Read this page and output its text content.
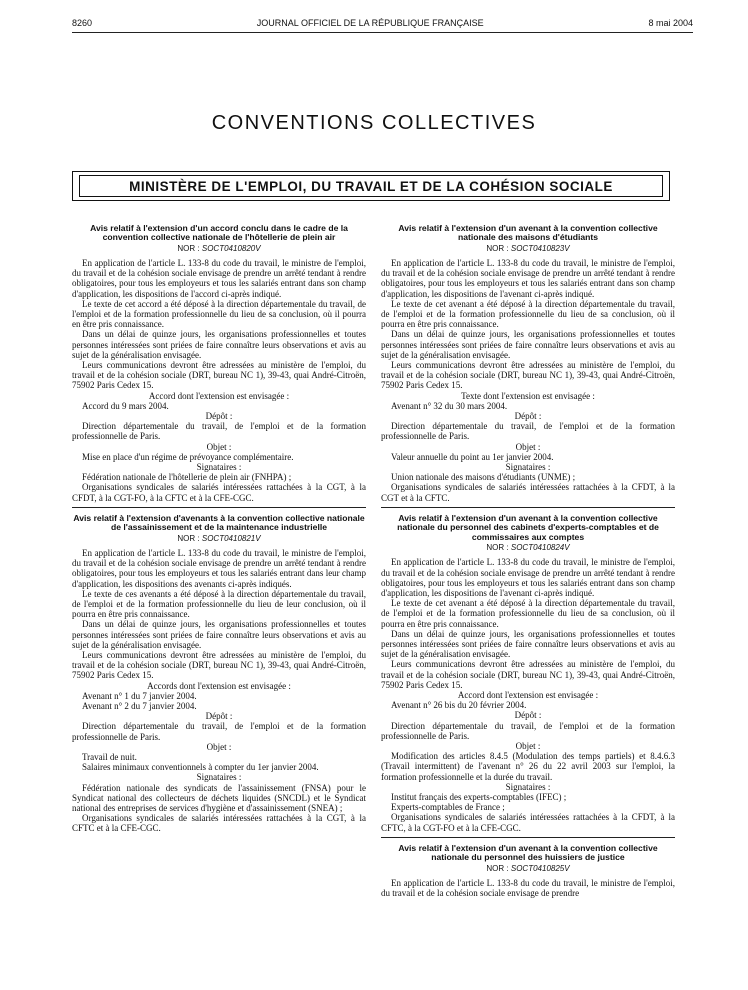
8260	JOURNAL OFFICIEL DE LA RÉPUBLIQUE FRANÇAISE	8 mai 2004
CONVENTIONS COLLECTIVES
MINISTÈRE DE L'EMPLOI, DU TRAVAIL ET DE LA COHÉSION SOCIALE
Avis relatif à l'extension d'un accord conclu dans le cadre de la convention collective nationale de l'hôtellerie de plein air
NOR : SOCT0410820V

En application de l'article L. 133-8 du code du travail, le ministre de l'emploi, du travail et de la cohésion sociale envisage de prendre un arrêté tendant à rendre obligatoires, pour tous les employeurs et tous les salariés entrant dans son champ d'application, les dispositions de l'accord ci-après indiqué.

Le texte de cet accord a été déposé à la direction départementale du travail, de l'emploi et de la formation professionnelle du lieu de sa conclusion, où il pourra en être pris connaissance.

Dans un délai de quinze jours, les organisations professionnelles et toutes personnes intéressées sont priées de faire connaître leurs observations et avis au sujet de la généralisation envisagée.

Leurs communications devront être adressées au ministère de l'emploi, du travail et de la cohésion sociale (DRT, bureau NC 1), 39-43, quai André-Citroën, 75902 Paris Cedex 15.

Accord dont l'extension est envisagée :

Accord du 9 mars 2004.

Dépôt :

Direction départementale du travail, de l'emploi et de la formation professionnelle de Paris.

Objet :

Mise en place d'un régime de prévoyance complémentaire.

Signataires :

Fédération nationale de l'hôtellerie de plein air (FNHPA) ;

Organisations syndicales de salariés intéressées rattachées à la CGT, à la CFDT, à la CGT-FO, à la CFTC et à la CFE-CGC.

Avis relatif à l'extension d'avenants à la convention collective nationale de l'assainissement et de la maintenance industrielle
NOR : SOCT0410821V

En application de l'article L. 133-8 du code du travail, le ministre de l'emploi, du travail et de la cohésion sociale envisage de prendre un arrêté tendant à rendre obligatoires, pour tous les employeurs et tous les salariés entrant dans leur champ d'application, les dispositions des avenants ci-après indiqués.

Le texte de ces avenants a été déposé à la direction départementale du travail, de l'emploi et de la formation professionnelle du lieu de leur conclusion, où il pourra en être pris connaissance.

Dans un délai de quinze jours, les organisations professionnelles et toutes personnes intéressées sont priées de faire connaître leurs observations et avis au sujet de la généralisation envisagée.

Leurs communications devront être adressées au ministère de l'emploi, du travail et de la cohésion sociale (DRT, bureau NC 1), 39-43, quai André-Citroën, 75902 Paris Cedex 15.

Accords dont l'extension est envisagée :

Avenant n° 1 du 7 janvier 2004.

Avenant n° 2 du 7 janvier 2004.

Dépôt :

Direction départementale du travail, de l'emploi et de la formation professionnelle de Paris.

Objet :

Travail de nuit.

Salaires minimaux conventionnels à compter du 1er janvier 2004.

Signataires :

Fédération nationale des syndicats de l'assainissement (FNSA) pour le Syndicat national des collecteurs de déchets liquides (SNCDL) et le Syndicat national des entreprises de services d'hygiène et d'assainissement (SNEA) ;

Organisations syndicales de salariés intéressées rattachées à la CGT, à la CFTC et à la CFE-CGC.

Avis relatif à l'extension d'un avenant à la convention collective nationale des maisons d'étudiants
NOR : SOCT0410823V

En application de l'article L. 133-8 du code du travail, le ministre de l'emploi, du travail et de la cohésion sociale envisage de prendre un arrêté tendant à rendre obligatoires, pour tous les employeurs et tous les salariés entrant dans son champ d'application, les dispositions de l'avenant ci-après indiqué.

Le texte de cet avenant a été déposé à la direction départementale du travail, de l'emploi et de la formation professionnelle du lieu de sa conclusion, où il pourra en être pris connaissance.

Dans un délai de quinze jours, les organisations professionnelles et toutes personnes intéressées sont priées de faire connaître leurs observations et avis au sujet de la généralisation envisagée.

Leurs communications devront être adressées au ministère de l'emploi, du travail et de la cohésion sociale (DRT, bureau NC 1), 39-43, quai André-Citroën, 75902 Paris Cedex 15.

Texte dont l'extension est envisagée :

Avenant n° 32 du 30 mars 2004.

Dépôt :

Direction départementale du travail, de l'emploi et de la formation professionnelle de Paris.

Objet :

Valeur annuelle du point au 1er janvier 2004.

Signataires :

Union nationale des maisons d'étudiants (UNME) ;

Organisations syndicales de salariés intéressées rattachées à la CFDT, à la CGT et à la CFTC.

Avis relatif à l'extension d'un avenant à la convention collective nationale du personnel des cabinets d'experts-comptables et de commissaires aux comptes
NOR : SOCT0410824V

En application de l'article L. 133-8 du code du travail, le ministre de l'emploi, du travail et de la cohésion sociale envisage de prendre un arrêté tendant à rendre obligatoires, pour tous les employeurs et tous les salariés entrant dans son champ d'application, les dispositions de l'avenant ci-après indiqué.

Le texte de cet avenant a été déposé à la direction départementale du travail, de l'emploi et de la formation professionnelle du lieu de sa conclusion, où il pourra en être pris connaissance.

Dans un délai de quinze jours, les organisations professionnelles et toutes personnes intéressées sont priées de faire connaître leurs observations et avis au sujet de la généralisation envisagée.

Leurs communications devront être adressées au ministère de l'emploi, du travail et de la cohésion sociale (DRT, bureau NC 1), 39-43, quai André-Citroën, 75902 Paris Cedex 15.

Accord dont l'extension est envisagée :

Avenant n° 26 bis du 20 février 2004.

Dépôt :

Direction départementale du travail, de l'emploi et de la formation professionnelle de Paris.

Objet :

Modification des articles 8.4.5 (Modulation des temps partiels) et 8.4.6.3 (Travail intermittent) de l'avenant n° 26 du 22 avril 2003 sur l'emploi, la formation professionnelle et la durée du travail.

Signataires :

Institut français des experts-comptables (IFEC) ;

Experts-comptables de France ;

Organisations syndicales de salariés intéressées rattachées à la CFDT, à la CFTC, à la CGT-FO et à la CFE-CGC.

Avis relatif à l'extension d'un avenant à la convention collective nationale du personnel des huissiers de justice
NOR : SOCT0410825V

En application de l'article L. 133-8 du code du travail, le ministre de l'emploi, du travail et de la cohésion sociale envisage de prendre
